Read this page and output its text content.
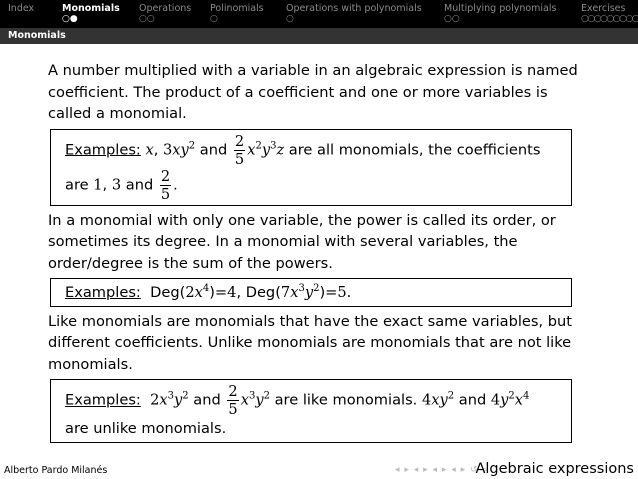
Index	Monomials
○●
Operations
○○
Polinomials
○
Operations with polynomials
○
Multiplying polynomials
○○
Exercises
○○○○○○○○○
Monomials

A number multiplied with a variable in an algebraic expression is named coefficient. The product of a coefficient and one or more variables is called a monomial.

Examples: x, $3xy^2$ and $\frac{2}{5} x^2y^3z$ are all monomials, the coefficients
are 1, 3 and $\frac{2}{5}$ .

In a monomial with only one variable, the power is called its order, or sometimes its degree. In a monomial with several variables, the order/degree is the sum of the powers.

Examples: $Deg(2x^4)=4$, $Deg(7x^3y^2)=5$.

Like monomials are monomials that have the exact same variables, but different coefficients. Unlike monomials are monomials that are not like monomials.

Examples: $2x^3y^2$ and $\frac{2}{5} x^3y^2$ are like monomials. $4xy^2$ and $4y^2x^4$
are unlike monomials.
Alberto Pardo Milanés	◂ ▸ ◂ ▸ ◂ ▸ ◂ ▸ ↺ ⌕
Algebraic expressions
